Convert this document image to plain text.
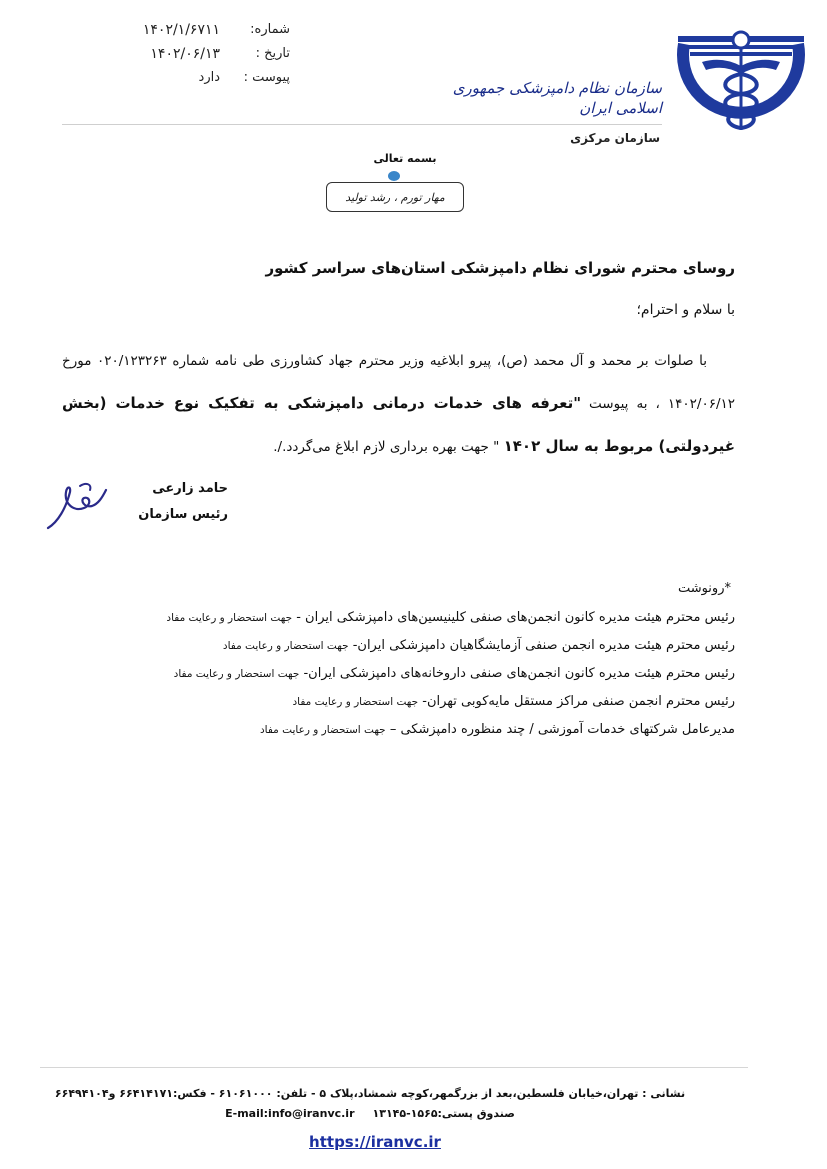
شماره:
۱۴۰۲/۱/۶۷۱۱
تاریخ :
۱۴۰۲/۰۶/۱۳
پیوست :
دارد
سازمان نظام دامپزشکی جمهوری اسلامی ایران
سازمان مرکزی
بسمه تعالی
مهار تورم ، رشد تولید
روسای محترم شورای نظام دامپزشکی استان‌های سراسر کشور
با سلام و احترام؛
با صلوات بر محمد و آل محمد (ص)، پیرو ابلاغیه وزیر محترم جهاد کشاورزی طی نامه شماره ۰۲۰/۱۲۳۲۶۳ مورخ ۱۴۰۲/۰۶/۱۲ ، به پیوست "تعرفه های خدمات درمانی دامپزشکی به تفکیک نوع خدمات (بخش غیردولتی) مربوط به سال ۱۴۰۲ " جهت بهره برداری لازم ابلاغ می‌گردد./.
حامد زارعی
رئیس سازمان
*رونوشت
رئیس محترم هیئت مدیره کانون انجمن‌های صنفی کلینیسین‌های دامپزشکی ایران - جهت استحضار و رعایت مفاد
رئیس محترم هیئت مدیره انجمن صنفی آزمایشگاهیان دامپزشکی ایران- جهت استحضار و رعایت مفاد
رئیس محترم هیئت مدیره کانون انجمن‌های صنفی داروخانه‌های دامپزشکی ایران- جهت استحضار و رعایت مفاد
رئیس محترم انجمن صنفی مراکز مستقل مایه‌کوبی تهران- جهت استحضار و رعایت مفاد
مدیرعامل شرکتهای خدمات آموزشی / چند منظوره دامپزشکی – جهت استحضار و رعایت مفاد
نشانی : تهران،خیابان فلسطین،بعد از بزرگمهر،کوچه شمشاد،پلاک ۵ - تلفن: ۶۱۰۶۱۰۰۰ - فکس:۶۶۴۱۴۱۷۱ و۶۶۴۹۴۱۰۴
صندوق پستی:۱۵۶۵-۱۳۱۴۵
E-mail:info@iranvc.ir
https://iranvc.ir
